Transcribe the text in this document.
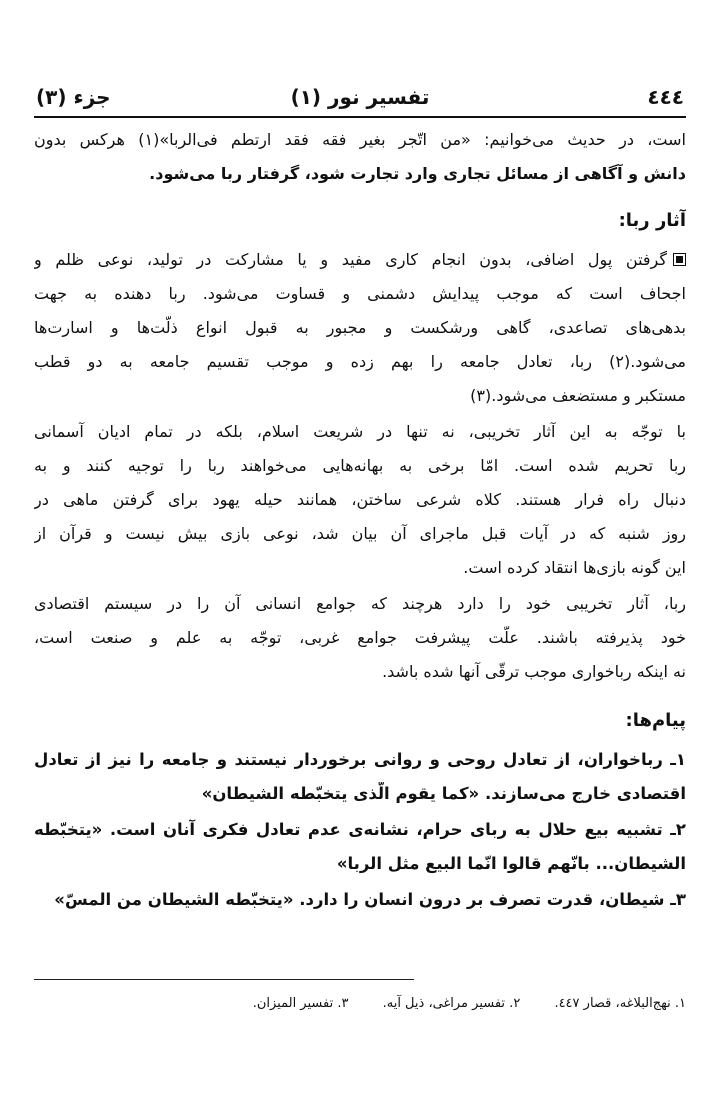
٤٤٤
تفسیر نور (١)
جزء (٣)
است، در حدیث می‌خوانیم: «من اتّجر بغیر فقه فقد ارتطم فی‌الربا»(١) هرکس بدون
دانش و آگاهی از مسائل تجاری وارد تجارت شود، گرفتار ربا می‌شود.
آثار ربا:
گرفتن پول اضافی، بدون انجام کاری مفید و یا مشارکت در تولید، نوعی ظلم و
اجحاف است که موجب پیدایش دشمنی و قساوت می‌شود. ربا دهنده به جهت
بدهی‌های تصاعدی، گاهی ورشکست و مجبور به قبول انواع ذلّت‌ها و اسارت‌ها
می‌شود.(٢) ربا، تعادل جامعه را بهم زده و موجب تقسیم جامعه به دو قطب
مستکبر و مستضعف می‌شود.(٣)
با توجّه به این آثار تخریبی، نه تنها در شریعت اسلام، بلکه در تمام ادیان آسمانی
ربا تحریم شده است. امّا برخی به بهانه‌هایی می‌خواهند ربا را توجیه کنند و به
دنبال راه فرار هستند. کلاه شرعی ساختن، همانند حیله یهود برای گرفتن ماهی در
روز شنبه که در آیات قبل ماجرای آن بیان شد، نوعی بازی بیش نیست و قرآن از
این گونه بازی‌ها انتقاد کرده است.
ربا، آثار تخریبی خود را دارد هرچند که جوامع انسانی آن را در سیستم اقتصادی
خود پذیرفته باشند. علّت پیشرفت جوامع غربی، توجّه به علم و صنعت است،
نه اینکه رباخواری موجب ترقّی آنها شده باشد.
پیام‌ها:
١ـ رباخواران، از تعادل روحی و روانی برخوردار نیستند و جامعه را نیز از تعادل
اقتصادی خارج می‌سازند. «کما یقوم الّذی یتخبّطه الشیطان»
٢ـ تشبیه بیع حلال به ربای حرام، نشانه‌ی عدم تعادل فکری آنان است. «یتخبّطه
الشیطان... بانّهم قالوا انّما البیع مثل الربا»
٣ـ شیطان، قدرت تصرف بر درون انسان را دارد. «یتخبّطه الشیطان من المسّ»
١. نهج‌البلاغه، قصار ٤٤٧. ٢. تفسیر مراغی، ذیل آیه. ٣. تفسیر المیزان.
